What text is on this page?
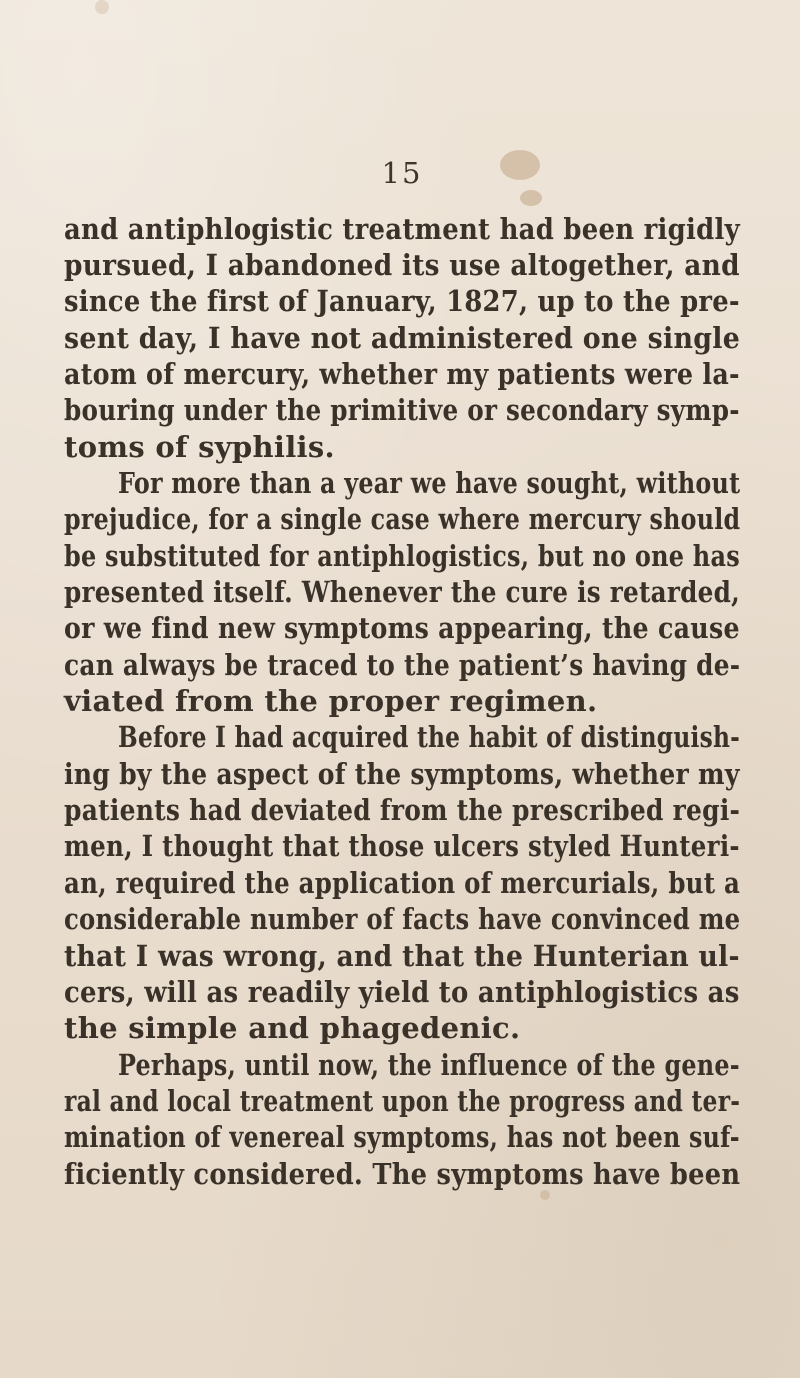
15
and antiphlogistic treatment had been rigidly
pursued, I abandoned its use altogether, and
since the first of January, 1827, up to the pre-
sent day, I have not administered one single
atom of mercury, whether my patients were la-
bouring under the primitive or secondary symp-
toms of syphilis.
For more than a year we have sought, without
prejudice, for a single case where mercury should
be substituted for antiphlogistics, but no one has
presented itself. Whenever the cure is retarded,
or we find new symptoms appearing, the cause
can always be traced to the patient’s having de-
viated from the proper regimen.
Before I had acquired the habit of distinguish-
ing by the aspect of the symptoms, whether my
patients had deviated from the prescribed regi-
men, I thought that those ulcers styled Hunteri-
an, required the application of mercurials, but a
considerable number of facts have convinced me
that I was wrong, and that the Hunterian ul-
cers, will as readily yield to antiphlogistics as
the simple and phagedenic.
Perhaps, until now, the influence of the gene-
ral and local treatment upon the progress and ter-
mination of venereal symptoms, has not been suf-
ficiently considered. The symptoms have been
